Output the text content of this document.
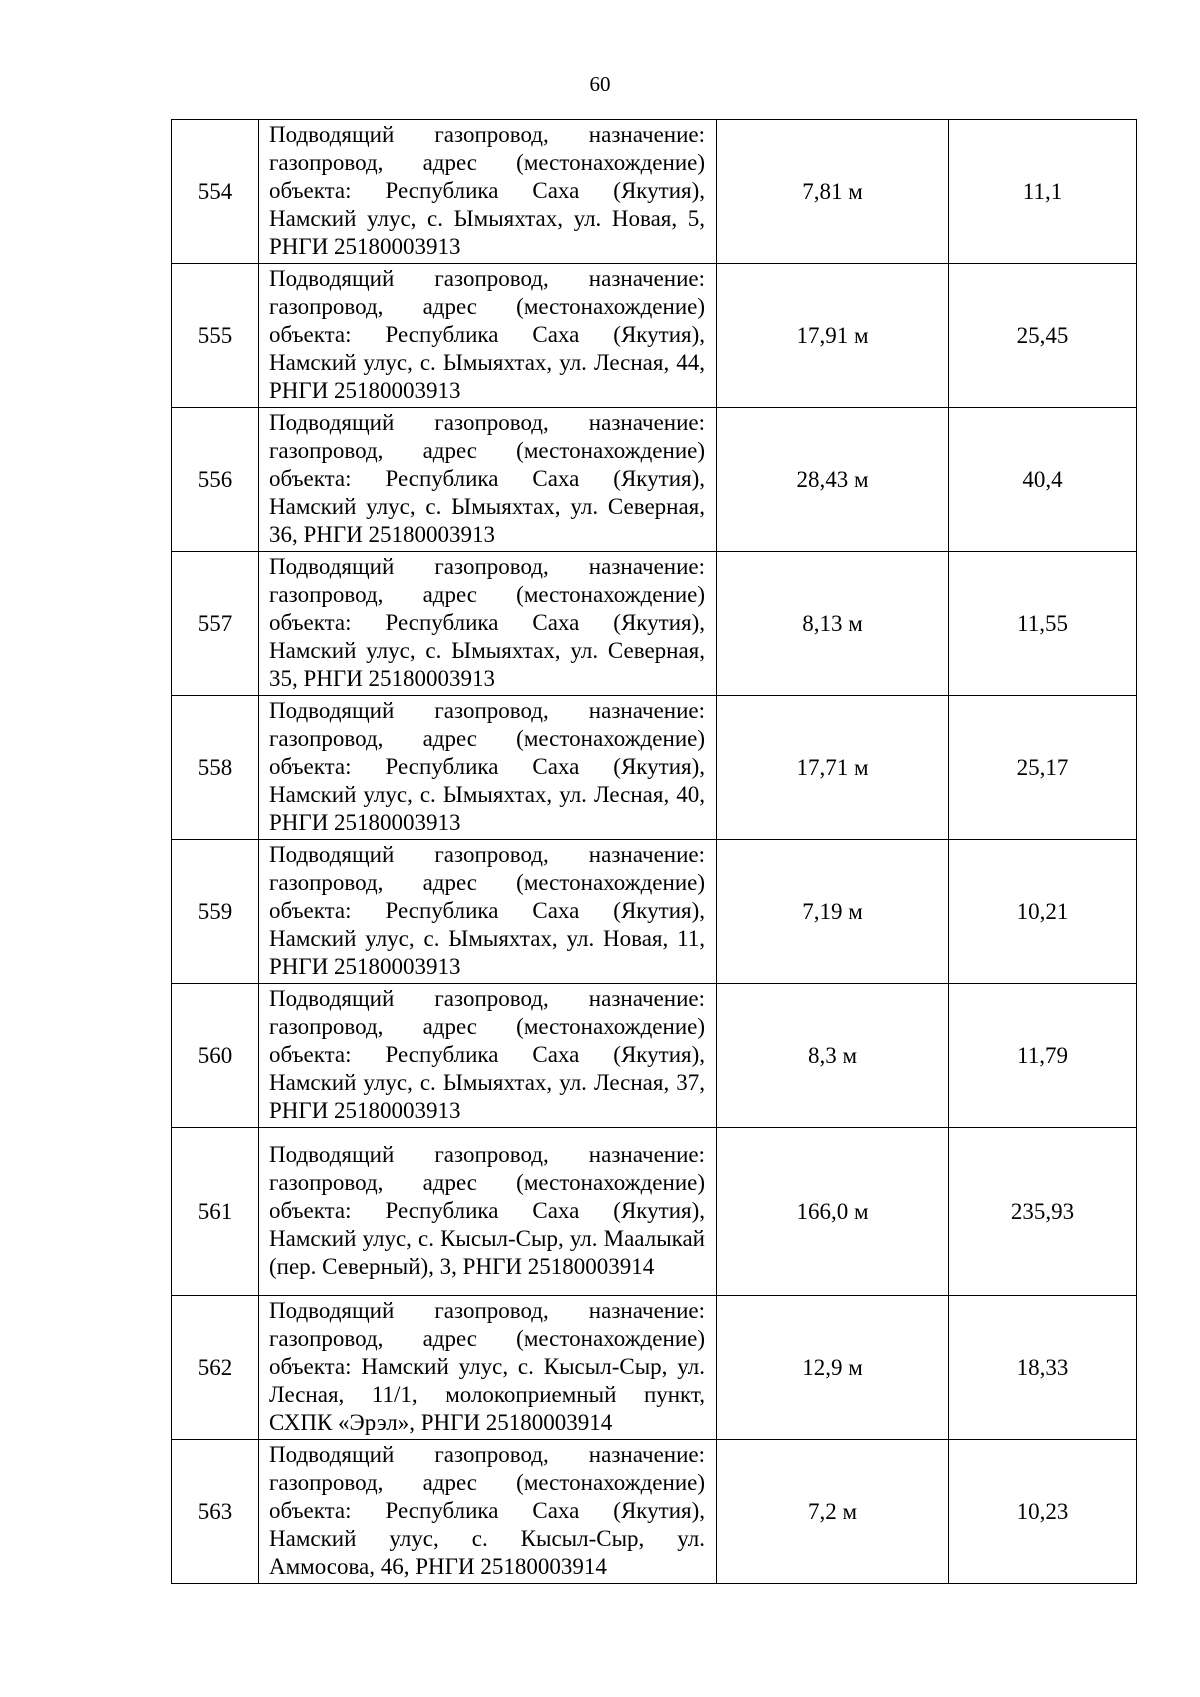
60
554	Подводящий газопровод, назначение: газопровод, адрес (местонахождение) объекта: Республика Саха (Якутия), Намский улус, с. Ымыяхтах, ул. Новая, 5, РНГИ 25180003913	7,81 м	11,1
555	Подводящий газопровод, назначение: газопровод, адрес (местонахождение) объекта: Республика Саха (Якутия), Намский улус, с. Ымыяхтах, ул. Лесная, 44, РНГИ 25180003913	17,91 м	25,45
556	Подводящий газопровод, назначение: газопровод, адрес (местонахождение) объекта: Республика Саха (Якутия), Намский улус, с. Ымыяхтах, ул. Северная, 36, РНГИ 25180003913	28,43 м	40,4
557	Подводящий газопровод, назначение: газопровод, адрес (местонахождение) объекта: Республика Саха (Якутия), Намский улус, с. Ымыяхтах, ул. Северная, 35, РНГИ 25180003913	8,13 м	11,55
558	Подводящий газопровод, назначение: газопровод, адрес (местонахождение) объекта: Республика Саха (Якутия), Намский улус, с. Ымыяхтах, ул. Лесная, 40, РНГИ 25180003913	17,71 м	25,17
559	Подводящий газопровод, назначение: газопровод, адрес (местонахождение) объекта: Республика Саха (Якутия), Намский улус, с. Ымыяхтах, ул. Новая, 11, РНГИ 25180003913	7,19 м	10,21
560	Подводящий газопровод, назначение: газопровод, адрес (местонахождение) объекта: Республика Саха (Якутия), Намский улус, с. Ымыяхтах, ул. Лесная, 37, РНГИ 25180003913	8,3 м	11,79
561	Подводящий газопровод, назначение: газопровод, адрес (местонахождение) объекта: Республика Саха (Якутия), Намский улус, с. Кысыл-Сыр, ул. Маалыкай (пер. Северный), 3, РНГИ 25180003914	166,0 м	235,93
562	Подводящий газопровод, назначение: газопровод, адрес (местонахождение) объекта: Намский улус, с. Кысыл-Сыр, ул. Лесная, 11/1, молокоприемный пункт, СХПК «Эрэл», РНГИ 25180003914	12,9 м	18,33
563	Подводящий газопровод, назначение: газопровод, адрес (местонахождение) объекта: Республика Саха (Якутия), Намский улус, с. Кысыл-Сыр, ул. Аммосова, 46, РНГИ 25180003914	7,2 м	10,23
